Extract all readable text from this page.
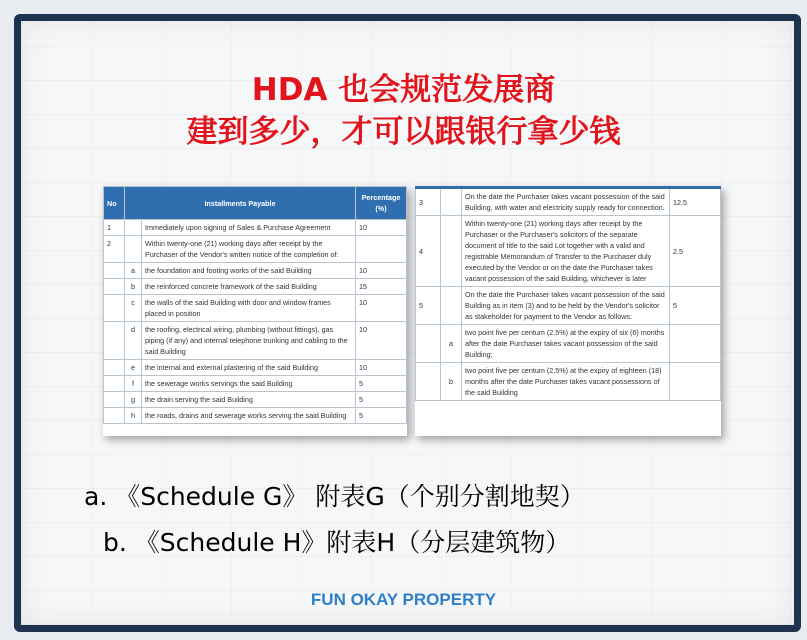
HDA 也会规范发展商
建到多少，才可以跟银行拿少钱
No	Installments Payable		Percentage (%)
1		Immediately upon signing of Sales & Purchase Agreement	10
2		Within twenty-one (21) working days after receipt by the Purchaser of the Vendor's written notice of the completion of:	
	a	the foundation and footing works of the said Building	10
	b	the reinforced concrete framework of the said Building	15
	c	the walls of the said Building with door and window frames placed in position	10
	d	the roofing, electrical wiring, plumbing (without fittings), gas piping (if any) and internal telephone trunking and cabling to the said Building	10
	e	the internal and external plastering of the said Building	10
	f	the sewerage works servings the said Building	5
	g	the drain serving the said Building	5
	h	the roads, drains and sewerage works serving the said Building	5
3		On the date the Purchaser takes vacant possession of the said Building, with water and electricity supply ready for connection.	12.5
4		Within twenty-one (21) working days after receipt by the Purchaser or the Purchaser's solicitors of the separate document of title to the said Lot together with a valid and registrable Memorandum of Transfer to the Purchaser duly executed by the Vendor or on the date the Purchaser takes vacant possession of the said Building, whichever is later	2.5
5		On the date the Purchaser takes vacant possession of the said Building as in item (3) and to be held by the Vendor's solicitor as stakeholder for payment to the Vendor as follows:	5
	a	two point five per centum (2.5%) at the expiry of six (6) months after the date Purchaser takes vacant possession of the said Building;	
	b	two point five per centum (2.5%) at the expiry of eighteen (18) months after the date Purchaser takes vacant possessions of the said Building	
a. 《Schedule G》 附表G（个别分割地契）
b. 《Schedule H》附表H（分层建筑物）
FUN OKAY PROPERTY
